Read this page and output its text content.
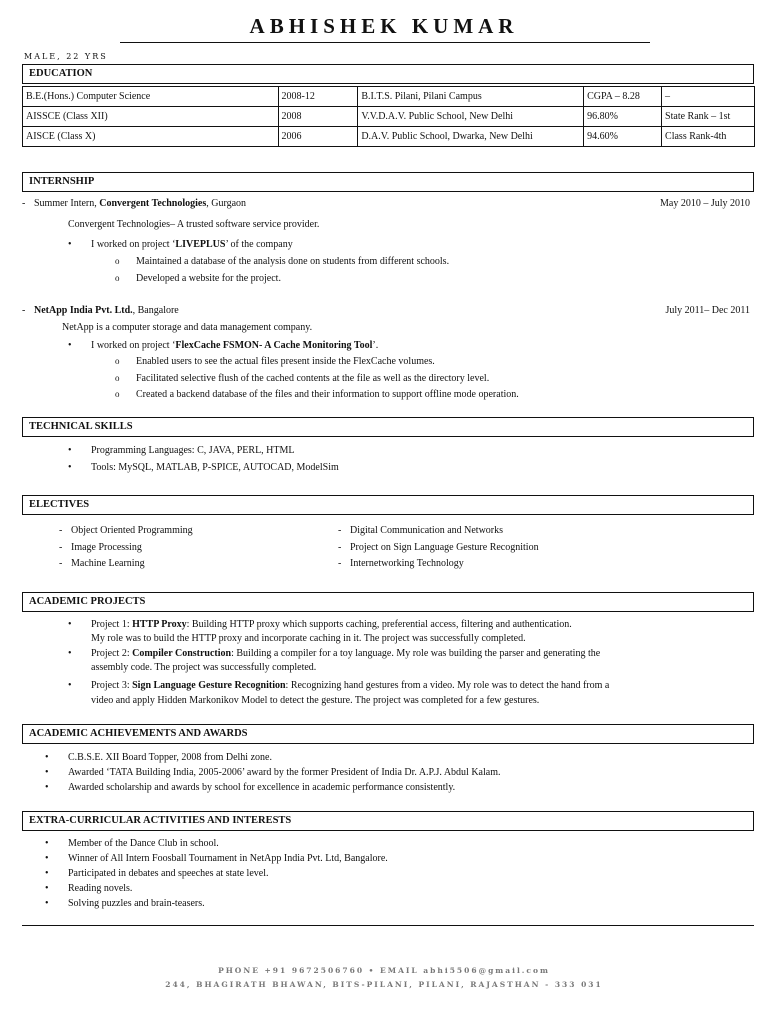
ABHISHEK KUMAR
MALE, 22 YRS
EDUCATION
B.E.(Hons.) Computer Science	2008-12	B.I.T.S. Pilani, Pilani Campus	CGPA – 8.28	–
AISSCE (Class XII)	2008	V.V.D.A.V. Public School, New Delhi	96.80%	State Rank – 1st
AISCE (Class X)	2006	D.A.V. Public School, Dwarka, New Delhi	94.60%	Class Rank-4th
INTERNSHIP
- Summer Intern, Convergent Technologies, Gurgaon	May 2010 – July 2010
Convergent Technologies– A trusted software service provider.
• I worked on project ‘LIVEPLUS’ of the company
o Maintained a database of the analysis done on students from different schools.
o Developed a website for the project.
- NetApp India Pvt. Ltd., Bangalore	July 2011– Dec 2011
NetApp is a computer storage and data management company.
• I worked on project ‘FlexCache FSMON- A Cache Monitoring Tool’.
o Enabled users to see the actual files present inside the FlexCache volumes.
o Facilitated selective flush of the cached contents at the file as well as the directory level.
o Created a backend database of the files and their information to support offline mode operation.
TECHNICAL SKILLS
• Programming Languages: C, JAVA, PERL, HTML
• Tools: MySQL, MATLAB, P-SPICE, AUTOCAD, ModelSim
ELECTIVES
- Object Oriented Programming
- Image Processing
- Machine Learning
- Digital Communication and Networks
- Project on Sign Language Gesture Recognition
- Internetworking Technology
ACADEMIC PROJECTS
• Project 1: HTTP Proxy: Building HTTP proxy which supports caching, preferential access, filtering and authentication.
My role was to build the HTTP proxy and incorporate caching in it. The project was successfully completed.
• Project 2: Compiler Construction: Building a compiler for a toy language. My role was building the parser and generating the
assembly code. The project was successfully completed.
• Project 3: Sign Language Gesture Recognition: Recognizing hand gestures from a video. My role was to detect the hand from a
video and apply Hidden Markonikov Model to detect the gesture. The project was completed for a few gestures.
ACADEMIC ACHIEVEMENTS AND AWARDS
• C.B.S.E. XII Board Topper, 2008 from Delhi zone.
• Awarded ‘TATA Building India, 2005-2006’ award by the former President of India Dr. A.P.J. Abdul Kalam.
• Awarded scholarship and awards by school for excellence in academic performance consistently.
EXTRA-CURRICULAR ACTIVITIES AND INTERESTS
• Member of the Dance Club in school.
• Winner of All Intern Foosball Tournament in NetApp India Pvt. Ltd, Bangalore.
• Participated in debates and speeches at state level.
• Reading novels.
• Solving puzzles and brain-teasers.
PHONE +91 9672506760 • EMAIL abhi5506@gmail.com
244, BHAGIRATH BHAWAN, BITS-PILANI, PILANI, RAJASTHAN - 333 031
